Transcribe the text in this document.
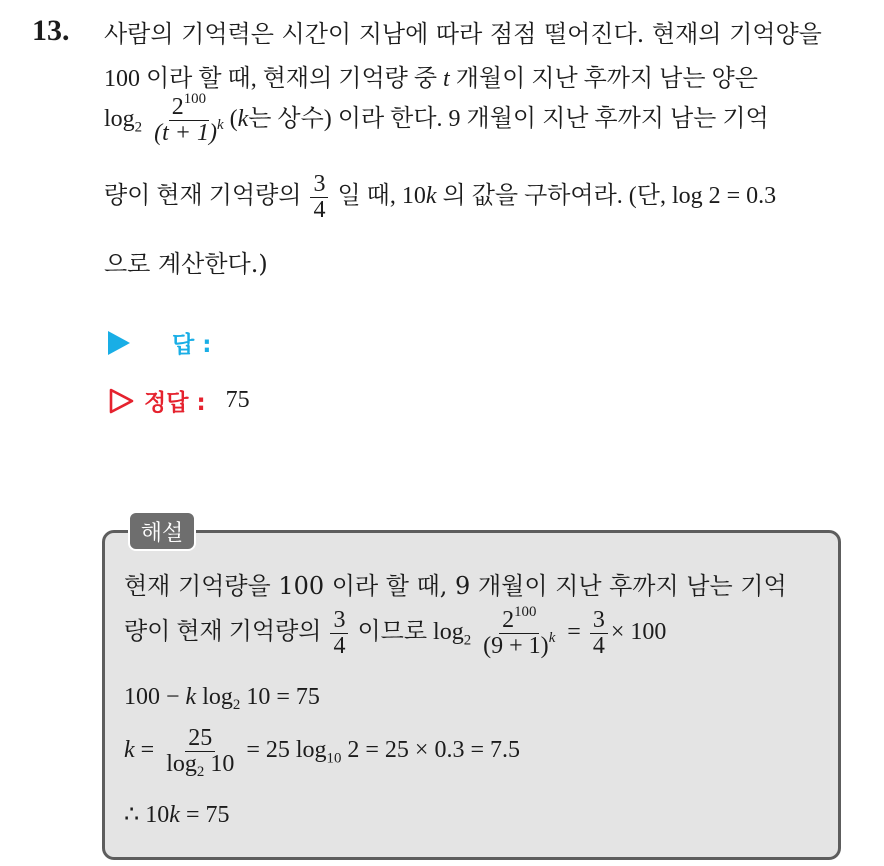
13. 사람의 기억력은 시간이 지남에 따라 점점 떨어진다. 현재의 기억양을
100 이라 할 때, 현재의 기억량 중 t 개월이 지난 후까지 남는 양은
$\log_2 \frac{2^{100}}{(t + 1)^k} (k$는 상수) 이라 한다. 9 개월이 지난 후까지 남는 기억
량이 현재 기억량의 $\frac{3}{4}$ 일 때, 10k 의 값을 구하여라. (단, log 2 = 0.3
으로 계산한다.)
답 :
정답 : 75
해설
현재 기억량을 100 이라 할 때, 9 개월이 지난 후까지 남는 기억
량이 현재 기억량의 $\frac{3}{4}$ 이므로 $\log_2 \frac{2^{100}}{(9 + 1)^k} = \frac{3}{4} \times 100$
100 − k $\log_2 10 = 75$
$k = \frac{25}{\log_2 10} = 25$ $\log_{10} 2 = 25 \times 0.3 = 7.5$
∴ 10k = 75
